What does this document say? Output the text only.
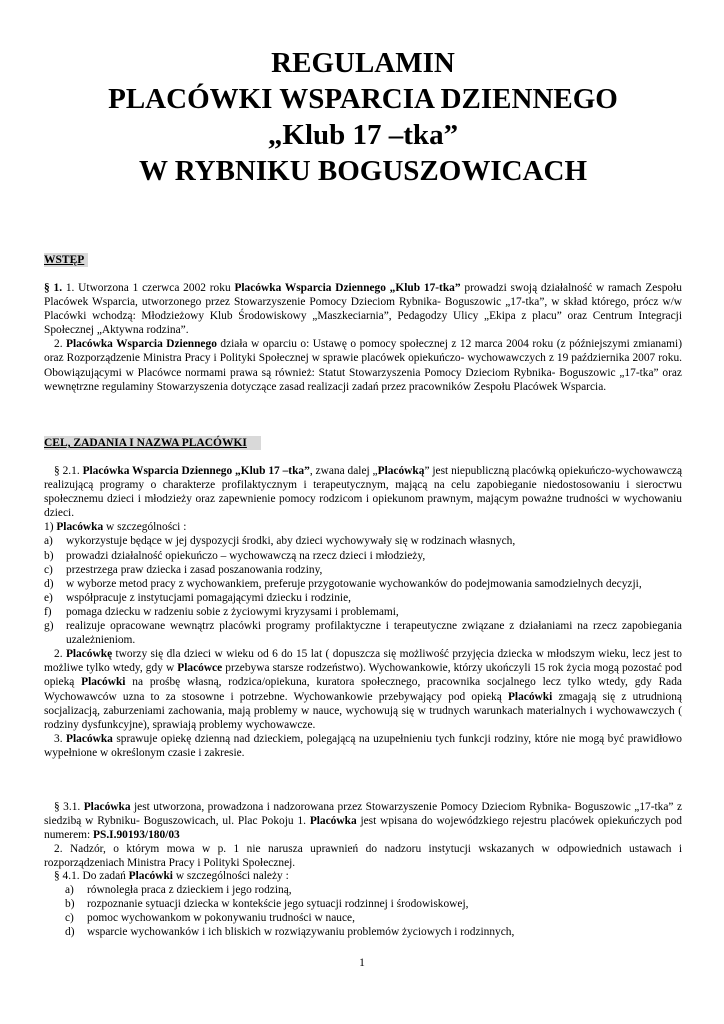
REGULAMIN
PLACÓWKI WSPARCIA DZIENNEGO
„Klub 17 –tka”
W RYBNIKU BOGUSZOWICACH
WSTĘP

§ 1. 1. Utworzona 1 czerwca 2002 roku Placówka Wsparcia Dziennego „Klub 17-tka” prowadzi swoją działalność w ramach Zespołu Placówek Wsparcia, utworzonego przez Stowarzyszenie Pomocy Dzieciom Rybnika- Boguszowic „17-tka”, w skład którego, prócz w/w Placówki wchodzą: Młodzieżowy Klub Środowiskowy „Maszkeciarnia”, Pedagodzy Ulicy „Ekipa z placu” oraz Centrum Integracji Społecznej „Aktywna rodzina”.

2. Placówka Wsparcia Dziennego działa w oparciu o: Ustawę o pomocy społecznej z 12 marca 2004 roku (z późniejszymi zmianami) oraz Rozporządzenie Ministra Pracy i Polityki Społecznej w sprawie placówek opiekuńczo- wychowawczych z 19 października 2007 roku. Obowiązującymi w Placówce normami prawa są również: Statut Stowarzyszenia Pomocy Dzieciom Rybnika- Boguszowic „17-tka” oraz wewnętrzne regulaminy Stowarzyszenia dotyczące zasad realizacji zadań przez pracowników Zespołu Placówek Wsparcia.

CEL, ZADANIA I NAZWA PLACÓWKI

§ 2.1. Placówka Wsparcia Dziennego „Klub 17 –tka”, zwana dalej „Placówką” jest niepubliczną placówką opiekuńczo-wychowawczą realizującą programy o charakterze profilaktycznym i terapeutycznym, mającą na celu zapobieganie niedostosowaniu i sierocтwu społecznemu dzieci i młodzieży oraz zapewnienie pomocy rodzicom i opiekunom prawnym, mającym poważne trudności w wychowaniu dzieci.

1) Placówka w szczególności :

a)	wykorzystuje będące w jej dyspozycji środki, aby dzieci wychowywały się w rodzinach własnych,
b)	prowadzi działalność opiekuńczo – wychowawczą na rzecz dzieci i młodzieży,
c)	przestrzega praw dziecka i zasad poszanowania rodziny,
d)	w wyborze metod pracy z wychowankiem, preferuje przygotowanie wychowanków do podejmowania samodzielnych decyzji,
e)	współpracuje z instytucjami pomagającymi dziecku i rodzinie,
f)	pomaga dziecku w radzeniu sobie z życiowymi kryzysami i problemami,
g)	realizuje opracowane wewnątrz placówki programy profilaktyczne i terapeutyczne związane z działaniami na rzecz zapobiegania uzależnieniom.

2. Placówkę tworzy się dla dzieci w wieku od 6 do 15 lat ( dopuszcza się możliwość przyjęcia dziecka w młodszym wieku, lecz jest to możliwe tylko wtedy, gdy w Placówce przebywa starsze rodzeństwo). Wychowankowie, którzy ukończyli 15 rok życia mogą pozostać pod opieką Placówki na prośbę własną, rodzica/opiekuna, kuratora społecznego, pracownika socjalnego lecz tylko wtedy, gdy Rada Wychowawców uzna to za stosowne i potrzebne. Wychowankowie przebywający pod opieką Placówki zmagają się z utrudnioną socjalizacją, zaburzeniami zachowania, mają problemy w nauce, wychowują się w trudnych warunkach materialnych i wychowawczych ( rodziny dysfunkcyjne), sprawiają problemy wychowawcze.

3. Placówka sprawuje opiekę dzienną nad dzieckiem, polegającą na uzupełnieniu tych funkcji rodziny, które nie mogą być prawidłowo wypełnione w określonym czasie i zakresie.

§ 3.1. Placówka jest utworzona, prowadzona i nadzorowana przez Stowarzyszenie Pomocy Dzieciom Rybnika- Boguszowic „17-tka” z siedzibą w Rybniku- Boguszowicach, ul. Plac Pokoju 1. Placówka jest wpisana do wojewódzkiego rejestru placówek opiekuńczych pod numerem: PS.I.90193/180/03

2. Nadzór, o którym mowa w p. 1 nie narusza uprawnień do nadzoru instytucji wskazanych w odpowiednich ustawach i rozporządzeniach Ministra Pracy i Polityki Społecznej.

§ 4.1. Do zadań Placówki w szczególności należy :

a)	równoległa praca z dzieckiem i jego rodziną,
b)	rozpoznanie sytuacji dziecka w kontekście jego sytuacji rodzinnej i środowiskowej,
c)	pomoc wychowankom w pokonywaniu trudności w nauce,
d)	wsparcie wychowanków i ich bliskich w rozwiązywaniu problemów życiowych i rodzinnych,
1
